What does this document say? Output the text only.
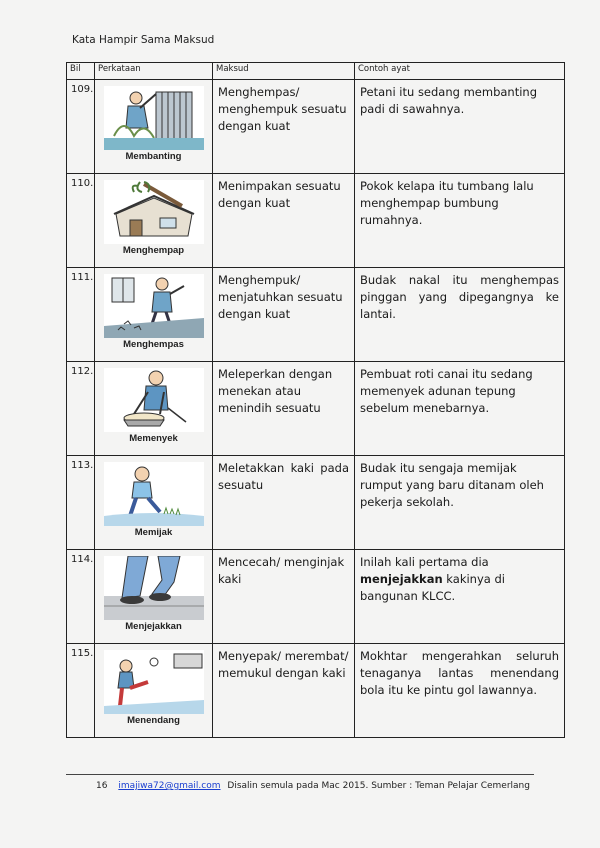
Kata Hampir Sama Maksud
Bil	Perkataan	Maksud	Contoh ayat
109.	Membanting	Menghempas/ menghempuk sesuatu dengan kuat	Petani itu sedang membanting padi di sawahnya.
110.	Menghempap	Menimpakan sesuatu dengan kuat	Pokok kelapa itu tumbang lalu menghempap bumbung rumahnya.
111.	Menghempas	Menghempuk/ menjatuhkan sesuatu dengan kuat	Budak nakal itu menghempas pinggan yang dipegangnya ke lantai.
112.	Memenyek	Meleperkan dengan menekan atau menindih sesuatu	Pembuat roti canai itu sedang memenyek adunan tepung sebelum menebarnya.
113.	Memijak	Meletakkan kaki pada sesuatu	Budak itu sengaja memijak rumput yang baru ditanam oleh pekerja sekolah.
114.	Menjejakkan	Mencecah/ menginjak kaki	Inilah kali pertama dia menjejakkan kakinya di bangunan KLCC.
115.	Menendang	Menyepak/ merembat/ memukul dengan kaki	Mokhtar mengerahkan seluruh tenaganya lantas menendang bola itu ke pintu gol lawannya.
16 imajiwa72@gmail.com Disalin semula pada Mac 2015. Sumber : Teman Pelajar Cemerlang
